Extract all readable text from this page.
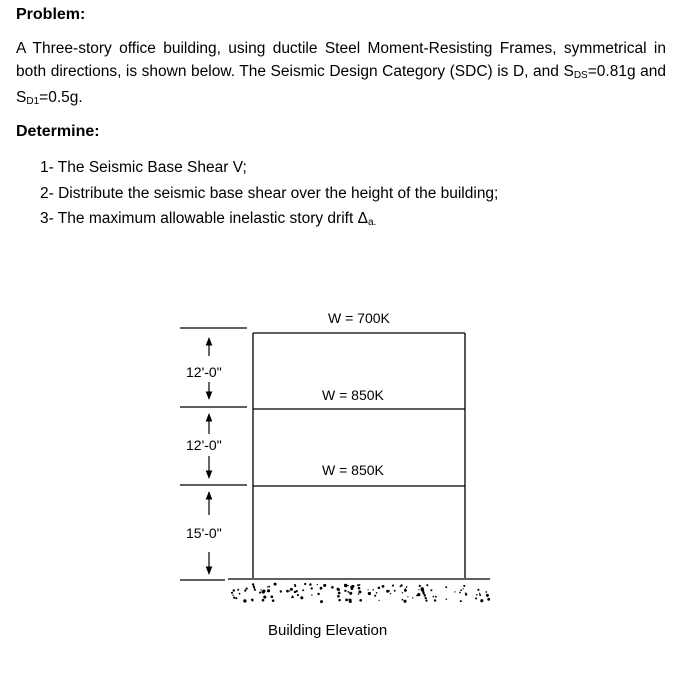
Problem:
A Three-story office building, using ductile Steel Moment-Resisting Frames, symmetrical in both directions, is shown below. The Seismic Design Category (SDC) is D, and $S_{DS}=0.81g$ and $S_{D1}=0.5g$.
Determine:
1- The Seismic Base Shear V;
2- Distribute the seismic base shear over the height of the building;
3- The maximum allowable inelastic story drift $\Delta_{a.}$
W = 700K
W = 850K
W = 850K
12'-0"
12'-0"
15'-0"
Building Elevation
